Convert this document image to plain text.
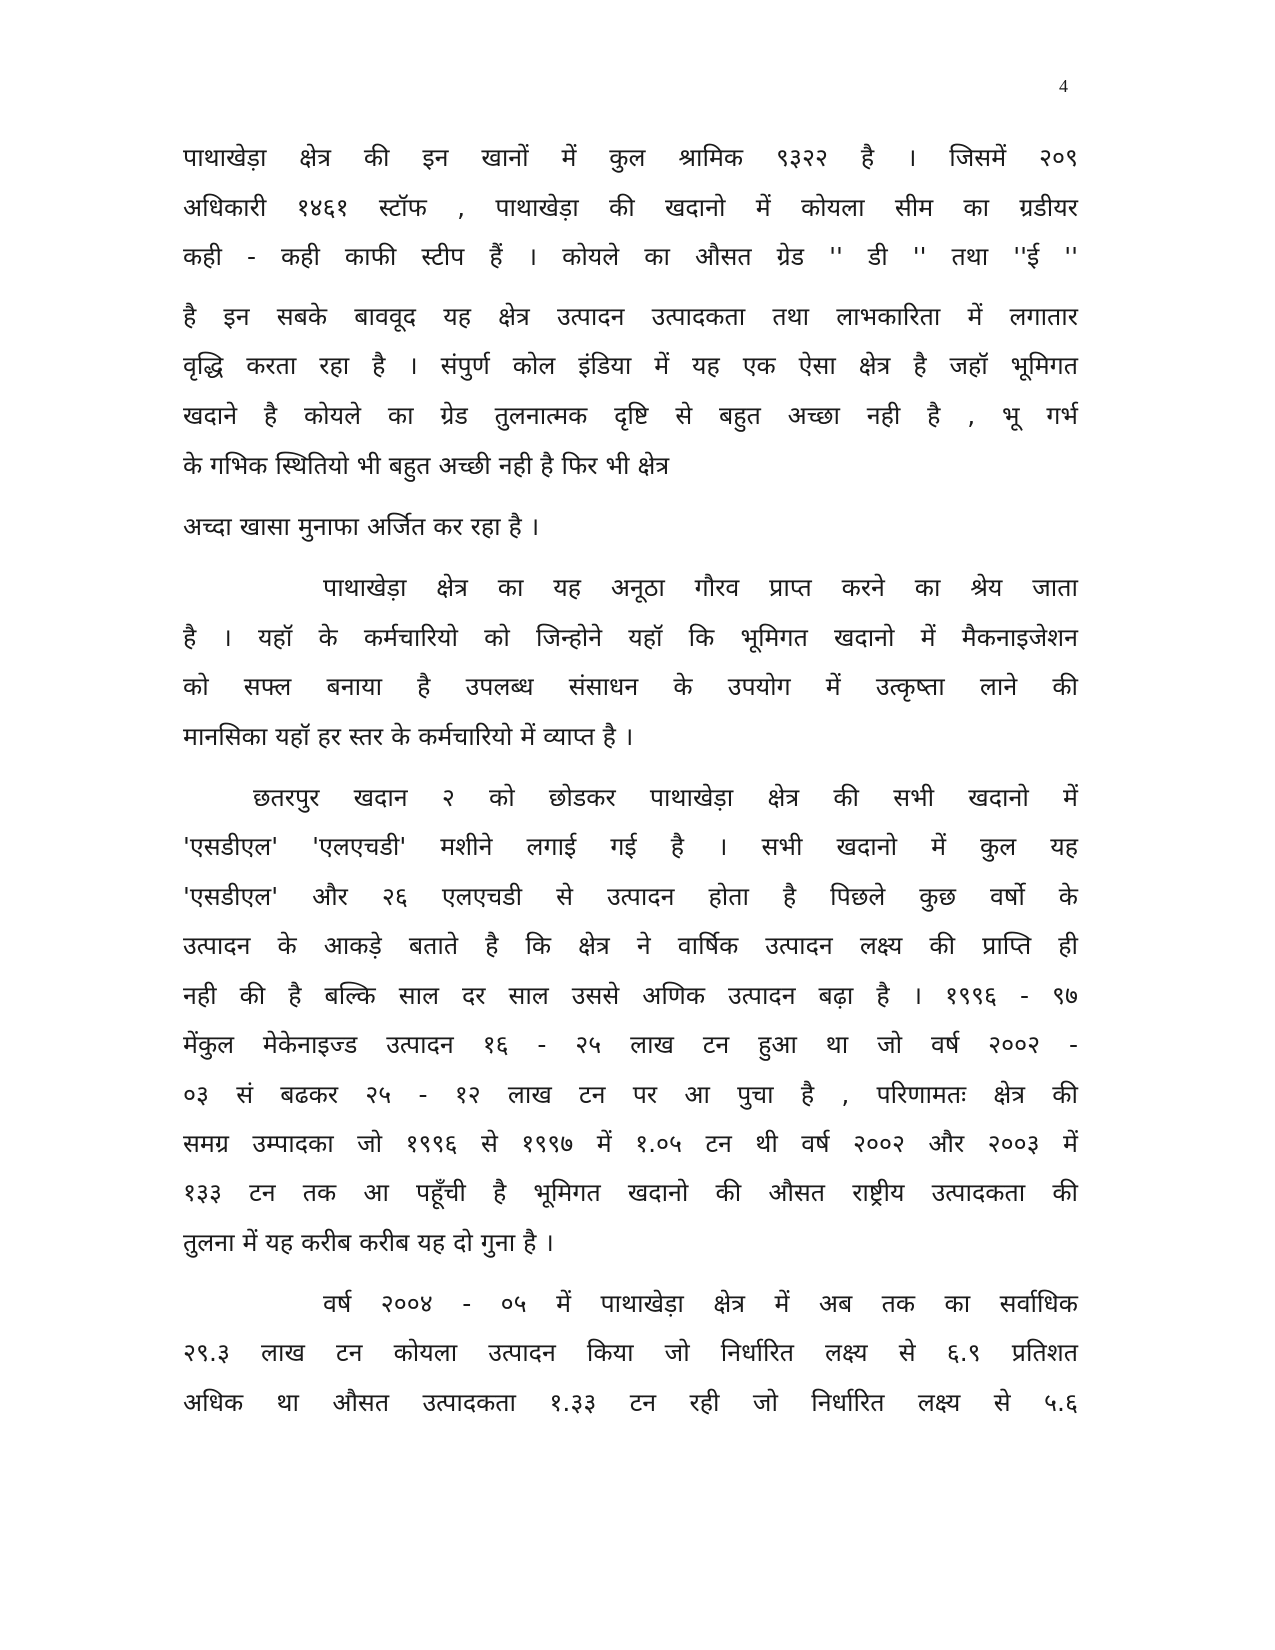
4
पाथाखेड़ा क्षेत्र की इन खानों में कुल श्रामिक ९३२२ है । जिसमें २०९
अधिकारी १४६१ स्टॉफ , पाथाखेड़ा की खदानो में कोयला सीम का ग्रडीयर
कही - कही काफी स्टीप हैं । कोयले का औसत ग्रेड '' डी '' तथा ''ई ''
है इन सबके बाववूद यह क्षेत्र उत्पादन उत्पादकता तथा लाभकारिता में लगातार
वृद्धि करता रहा है । संपुर्ण कोल इंडिया में यह एक ऐसा क्षेत्र है जहॉ भूमिगत
खदाने है कोयले का ग्रेड तुलनात्मक दृष्टि से बहुत अच्छा नही है , भू गर्भ
के गभिक स्थितियो भी बहुत अच्छी नही है फिर भी क्षेत्र
अच्दा खासा मुनाफा अर्जित कर रहा है ।
पाथाखेड़ा क्षेत्र का यह अनूठा गौरव प्राप्त करने का श्रेय जाता
है । यहॉ के कर्मचारियो को जिन्होने यहॉ कि भूमिगत खदानो में मैकनाइजेशन
को सफ्ल बनाया है उपलब्ध संसाधन के उपयोग में उत्कृष्ता लाने की
मानसिका यहॉ हर स्तर के कर्मचारियो में व्याप्त है ।
छतरपुर खदान २ को छोडकर पाथाखेड़ा क्षेत्र की सभी खदानो में
'एसडीएल' 'एलएचडी' मशीने लगाई गई है । सभी खदानो में कुल यह
'एसडीएल' और २६ एलएचडी से उत्पादन होता है पिछले कुछ वर्षो के
उत्पादन के आकड़े बताते है कि क्षेत्र ने वार्षिक उत्पादन लक्ष्य की प्राप्ति ही
नही की है बल्कि साल दर साल उससे अणिक उत्पादन बढ़ा है । १९९६ - ९७
मेंकुल मेकेनाइज्ड उत्पादन १६ - २५ लाख टन हुआ था जो वर्ष २००२ -
०३ सं बढकर २५ - १२ लाख टन पर आ पुचा है , परिणामतः क्षेत्र की
समग्र उम्पादका जो १९९६ से १९९७ में १.०५ टन थी वर्ष २००२ और २००३ में
१३३ टन तक आ पहूँची है भूमिगत खदानो की औसत राष्ट्रीय उत्पादकता की
तुलना में यह करीब करीब यह दो गुना है ।
वर्ष २००४ - ०५ में पाथाखेड़ा क्षेत्र में अब तक का सर्वाधिक
२९.३ लाख टन कोयला उत्पादन किया जो निर्धारित लक्ष्य से ६.९ प्रतिशत
अधिक था औसत उत्पादकता १.३३ टन रही जो निर्धारित लक्ष्य से ५.६
